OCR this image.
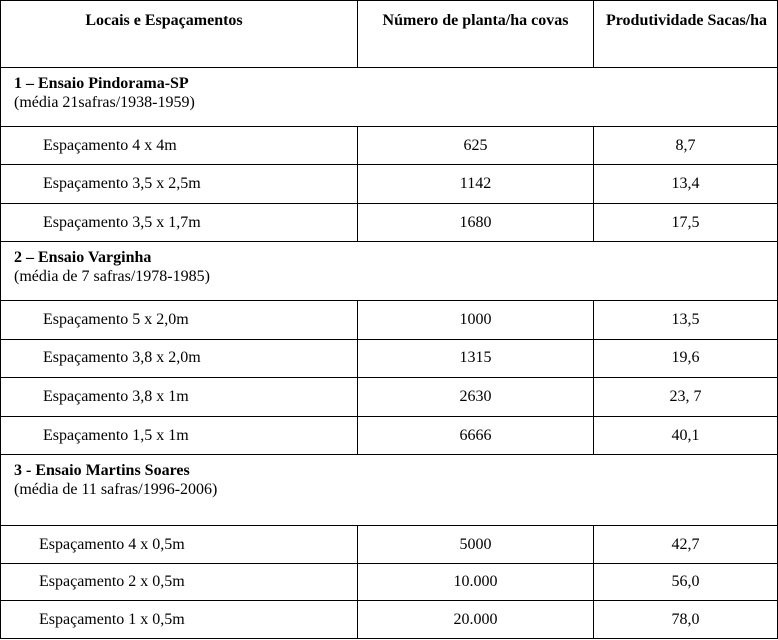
Locais e Espaçamentos	Número de planta/ha covas	Produtividade Sacas/ha

1 – Ensaio Pindorama-SP
(média 21safras/1938-1959)		

Espaçamento 4 x 4m	625	8,7
Espaçamento 3,5 x 2,5m	1142	13,4
Espaçamento 3,5 x 1,7m	1680	17,5

2 – Ensaio Varginha
(média de 7 safras/1978-1985)		

Espaçamento 5 x 2,0m	1000	13,5
Espaçamento 3,8 x 2,0m	1315	19,6
Espaçamento 3,8 x 1m	2630	23, 7
Espaçamento 1,5 x 1m	6666	40,1

3 - Ensaio Martins Soares
(média de 11 safras/1996-2006)		

Espaçamento 4 x 0,5m	5000	42,7
Espaçamento 2 x 0,5m	10.000	56,0
Espaçamento 1 x 0,5m	20.000	78,0
